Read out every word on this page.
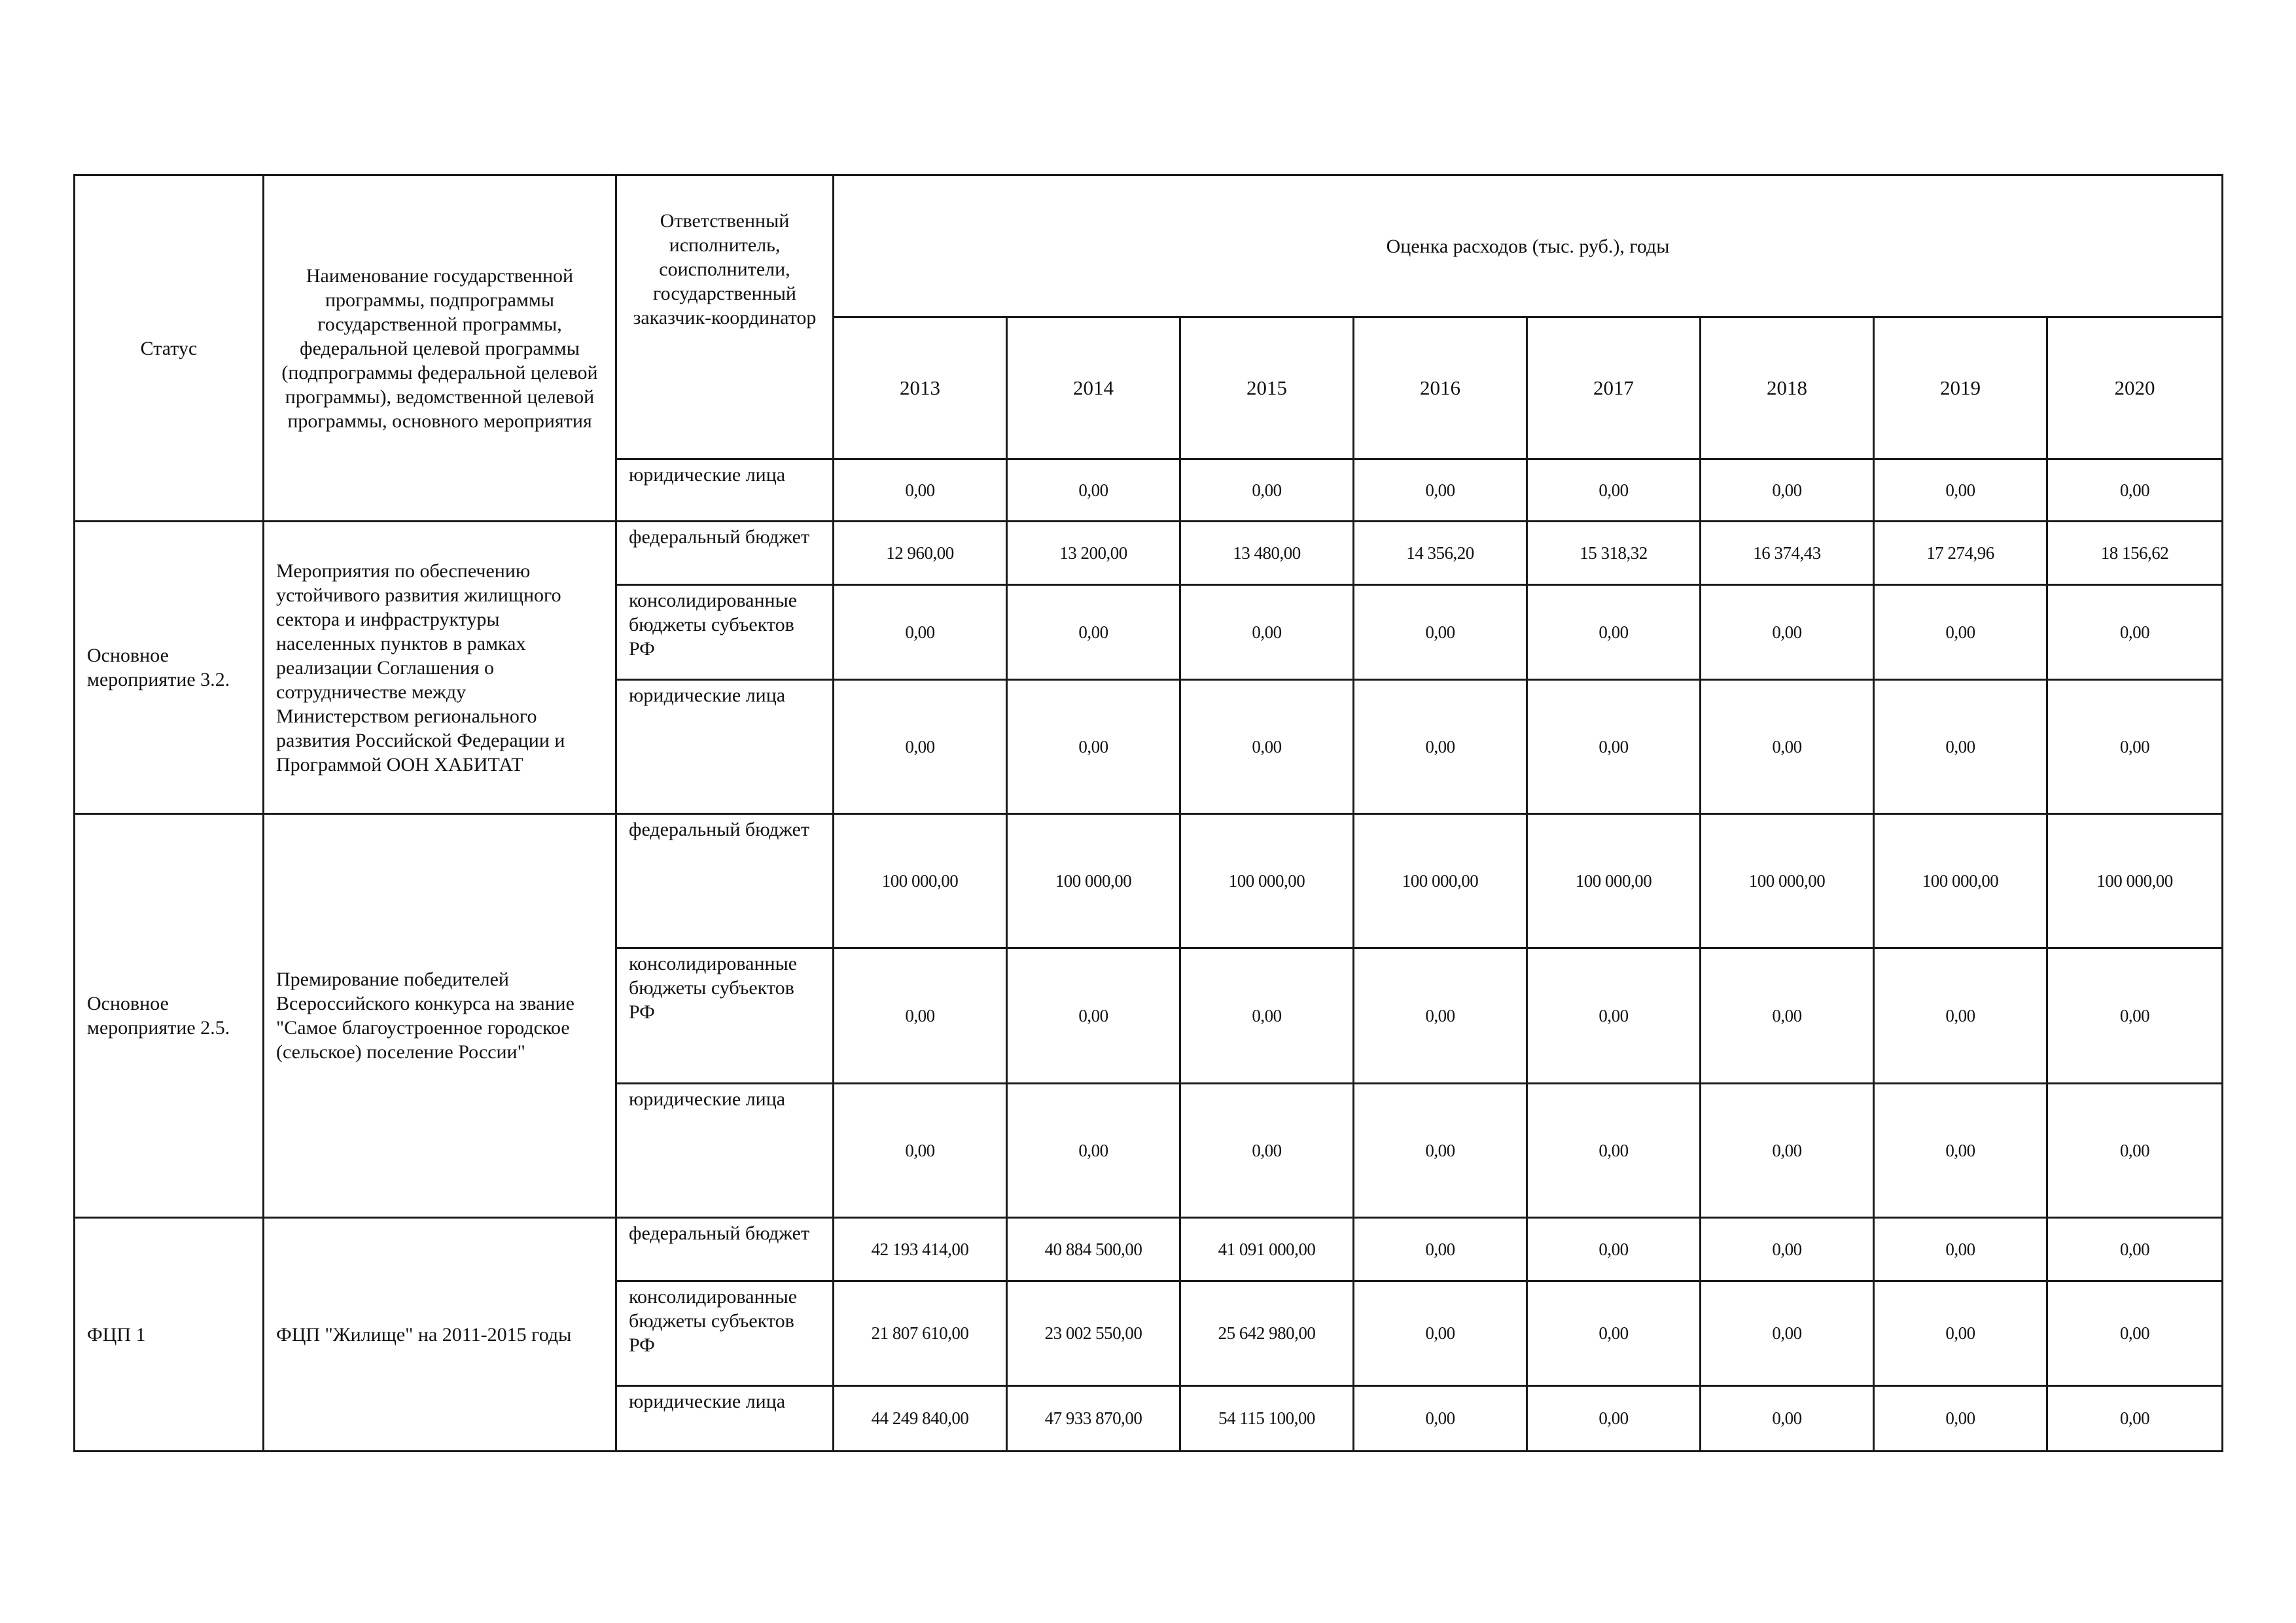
Статус	Наименование государственной программы, подпрограммы государственной программы, федеральной целевой программы (подпрограммы федеральной целевой программы), ведомственной целевой программы, основного мероприятия	Ответственный исполнитель, соисполнители, государственный заказчик-координатор	Оценка расходов (тыс. руб.), годы							
			2013	2014	2015	2016	2017	2018	2019	2020
		юридические лица	0,00	0,00	0,00	0,00	0,00	0,00	0,00	0,00
Основное мероприятие 3.2.	Мероприятия по обеспечению устойчивого развития жилищного сектора и инфраструктуры населенных пунктов в рамках реализации Соглашения о сотрудничестве между Министерством регионального развития Российской Федерации и Программой ООН ХАБИТАТ	федеральный бюджет	12 960,00	13 200,00	13 480,00	14 356,20	15 318,32	16 374,43	17 274,96	18 156,62
		консолидированные бюджеты субъектов РФ	0,00	0,00	0,00	0,00	0,00	0,00	0,00	0,00
		юридические лица	0,00	0,00	0,00	0,00	0,00	0,00	0,00	0,00
Основное мероприятие 2.5.	Премирование победителей Всероссийского конкурса на звание "Самое благоустроенное городское (сельское) поселение России"	федеральный бюджет	100 000,00	100 000,00	100 000,00	100 000,00	100 000,00	100 000,00	100 000,00	100 000,00
		консолидированные бюджеты субъектов РФ	0,00	0,00	0,00	0,00	0,00	0,00	0,00	0,00
		юридические лица	0,00	0,00	0,00	0,00	0,00	0,00	0,00	0,00
ФЦП 1	ФЦП "Жилище" на 2011-2015 годы	федеральный бюджет	42 193 414,00	40 884 500,00	41 091 000,00	0,00	0,00	0,00	0,00	0,00
		консолидированные бюджеты субъектов РФ	21 807 610,00	23 002 550,00	25 642 980,00	0,00	0,00	0,00	0,00	0,00
		юридические лица	44 249 840,00	47 933 870,00	54 115 100,00	0,00	0,00	0,00	0,00	0,00
